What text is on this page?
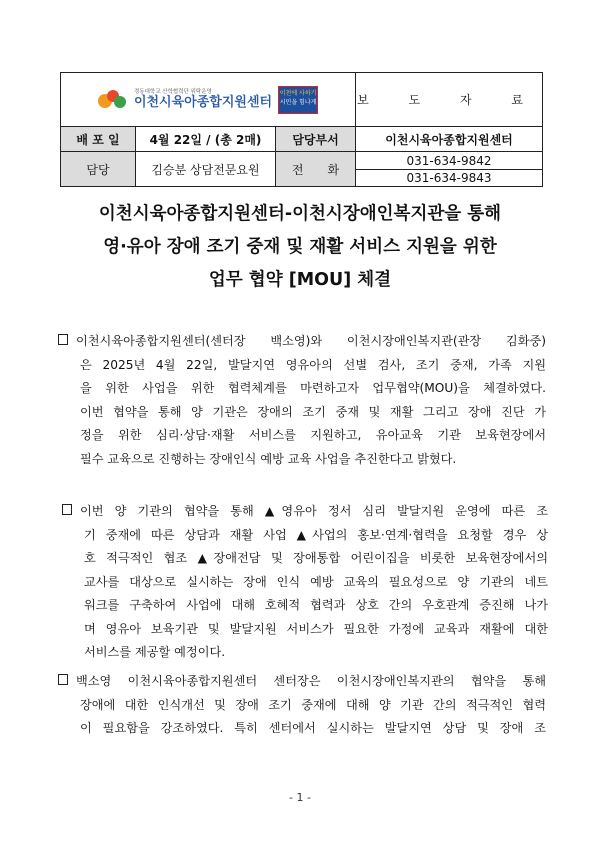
경동대학교 산학협력단 위탁운영
이천시육아종합지원센터
이천에 사하기
시민을 힘나게			보 도 자 료
배 포 일	4월 22일 / (총 2매)	담당부서	이천시육아종합지원센터
담당	김승분 상담전문요원	전　　화	031-634-9842
031-634-9843
이천시육아종합지원센터-이천시장애인복지관을 통해
영·유아 장애 조기 중재 및 재활 서비스 지원을 위한
업무 협약 [MOU] 체결
이천시육아종합지원센터(센터장 백소영)와 이천시장애인복지관(관장 김화중)
은 2025년 4월 22일, 발달지연 영유아의 선별 검사, 조기 중재, 가족 지원
을 위한 사업을 위한 협력체계를 마련하고자 업무협약(MOU)을 체결하였다.
이번 협약을 통해 양 기관은 장애의 조기 중재 및 재활 그리고 장애 진단 가
정을 위한 심리·상담·재활 서비스를 지원하고, 유아교육 기관 보육현장에서
필수 교육으로 진행하는 장애인식 예방 교육 사업을 추진한다고 밝혔다.
이번 양 기관의 협약을 통해 ▲영유아 정서 심리 발달지원 운영에 따른 조
기 중재에 따른 상담과 재활 사업 ▲사업의 홍보·연계·협력을 요청할 경우 상
호 적극적인 협조 ▲장애전담 및 장애통합 어린이집을 비롯한 보육현장에서의
교사를 대상으로 실시하는 장애 인식 예방 교육의 필요성으로 양 기관의 네트
워크를 구축하여 사업에 대해 호혜적 협력과 상호 간의 우호관계 증진해 나가
며 영유아 보육기관 및 발달지원 서비스가 필요한 가정에 교육과 재활에 대한
서비스를 제공할 예정이다.
백소영 이천시육아종합지원센터 센터장은 이천시장애인복지관의 협약을 통해
장애에 대한 인식개선 및 장애 조기 중재에 대해 양 기관 간의 적극적인 협력
이 필요함을 강조하였다. 특히 센터에서 실시하는 발달지연 상담 및 장애 조
- 1 -
